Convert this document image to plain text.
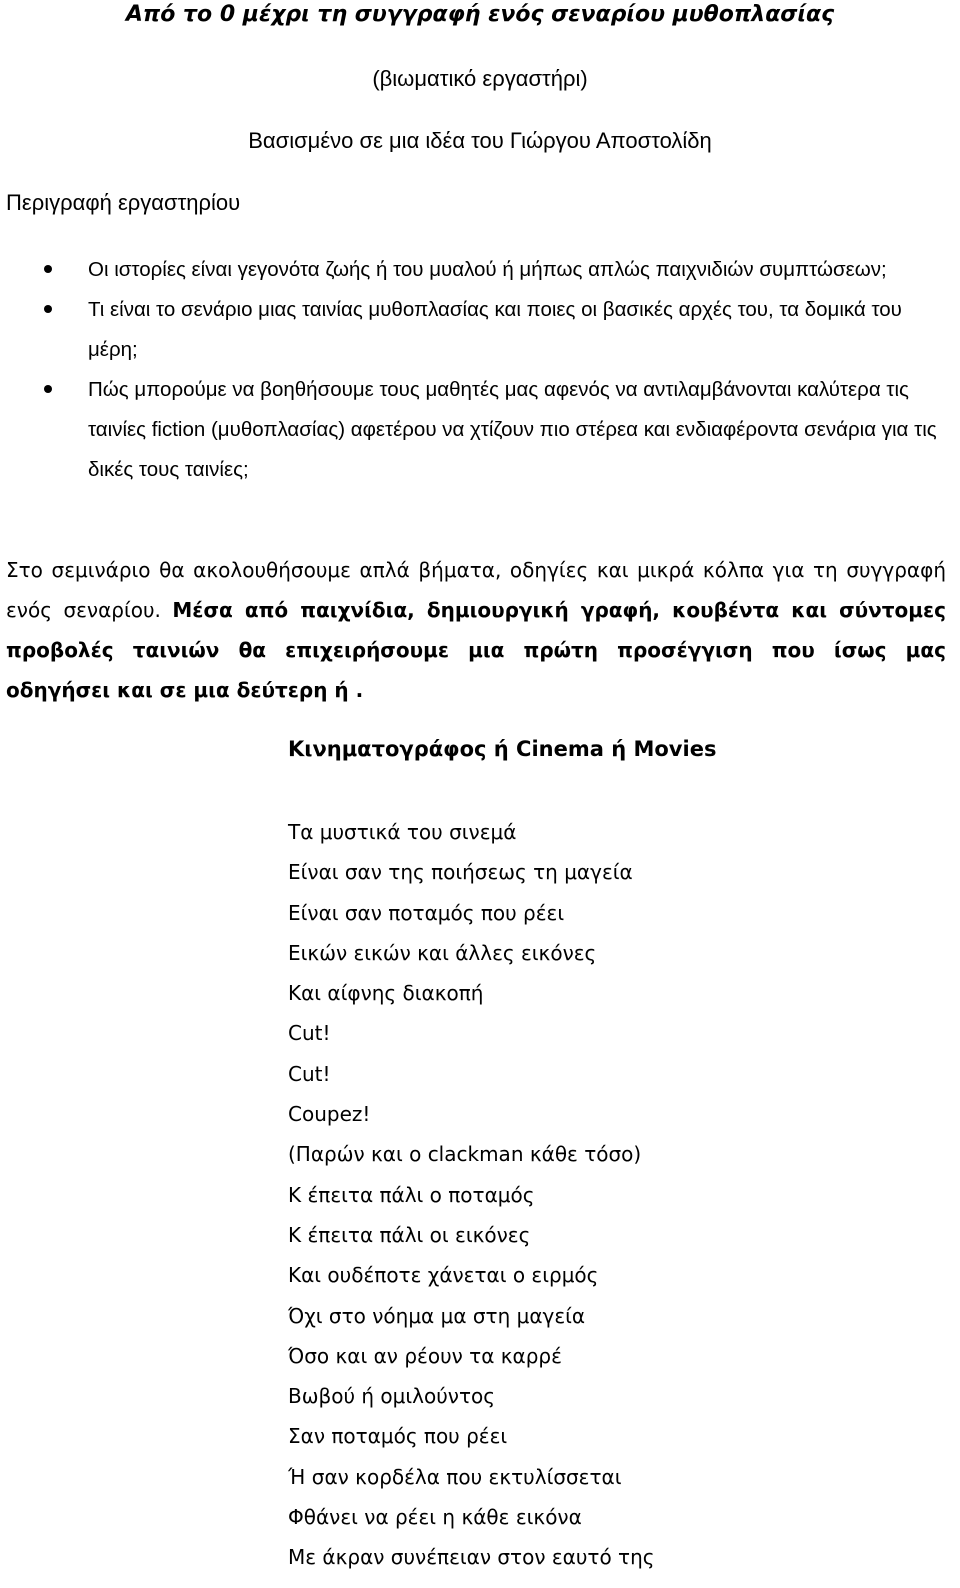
Από το 0 μέχρι τη συγγραφή ενός σεναρίου μυθοπλασίας

(βιωματικό εργαστήρι)

Βασισμένο σε μια ιδέα του Γιώργου Αποστολίδη

Περιγραφή εργαστηρίου

Οι ιστορίες είναι γεγονότα ζωής ή του μυαλού ή μήπως απλώς παιχνιδιών συμπτώσεων;
Τι είναι το σενάριο μιας ταινίας μυθοπλασίας και ποιες οι βασικές αρχές του, τα δομικά του μέρη;
Πώς μπορούμε να βοηθήσουμε τους μαθητές μας αφενός να αντιλαμβάνονται καλύτερα τις ταινίες fiction (μυθοπλασίας) αφετέρου να χτίζουν πιο στέρεα και ενδιαφέροντα σενάρια για τις δικές τους ταινίες;

Στο σεμινάριο θα ακολουθήσουμε απλά βήματα, οδηγίες και μικρά κόλπα για τη συγγραφή ενός σεναρίου. Μέσα από παιχνίδια, δημιουργική γραφή, κουβέντα και σύντομες προβολές ταινιών θα επιχειρήσουμε μια πρώτη προσέγγιση που ίσως μας οδηγήσει και σε μια δεύτερη ή .

Κινηματογράφος ή Cinema ή Movies
Τα μυστικά του σινεμά
Είναι σαν της ποιήσεως τη μαγεία
Είναι σαν ποταμός που ρέει
Εικών εικών και άλλες εικόνες
Και αίφνης διακοπή
Cut!
Cut!
Coupez!
(Παρών και ο clackman κάθε τόσο)
Κ έπειτα πάλι ο ποταμός
Κ έπειτα πάλι οι εικόνες
Και ουδέποτε χάνεται ο ειρμός
Όχι στο νόημα μα στη μαγεία
Όσο και αν ρέουν τα καρρέ
Βωβού ή ομιλούντος
Σαν ποταμός που ρέει
Ή σαν κορδέλα που εκτυλίσσεται
Φθάνει να ρέει η κάθε εικόνα
Με άκραν συνέπειαν στον εαυτό της
